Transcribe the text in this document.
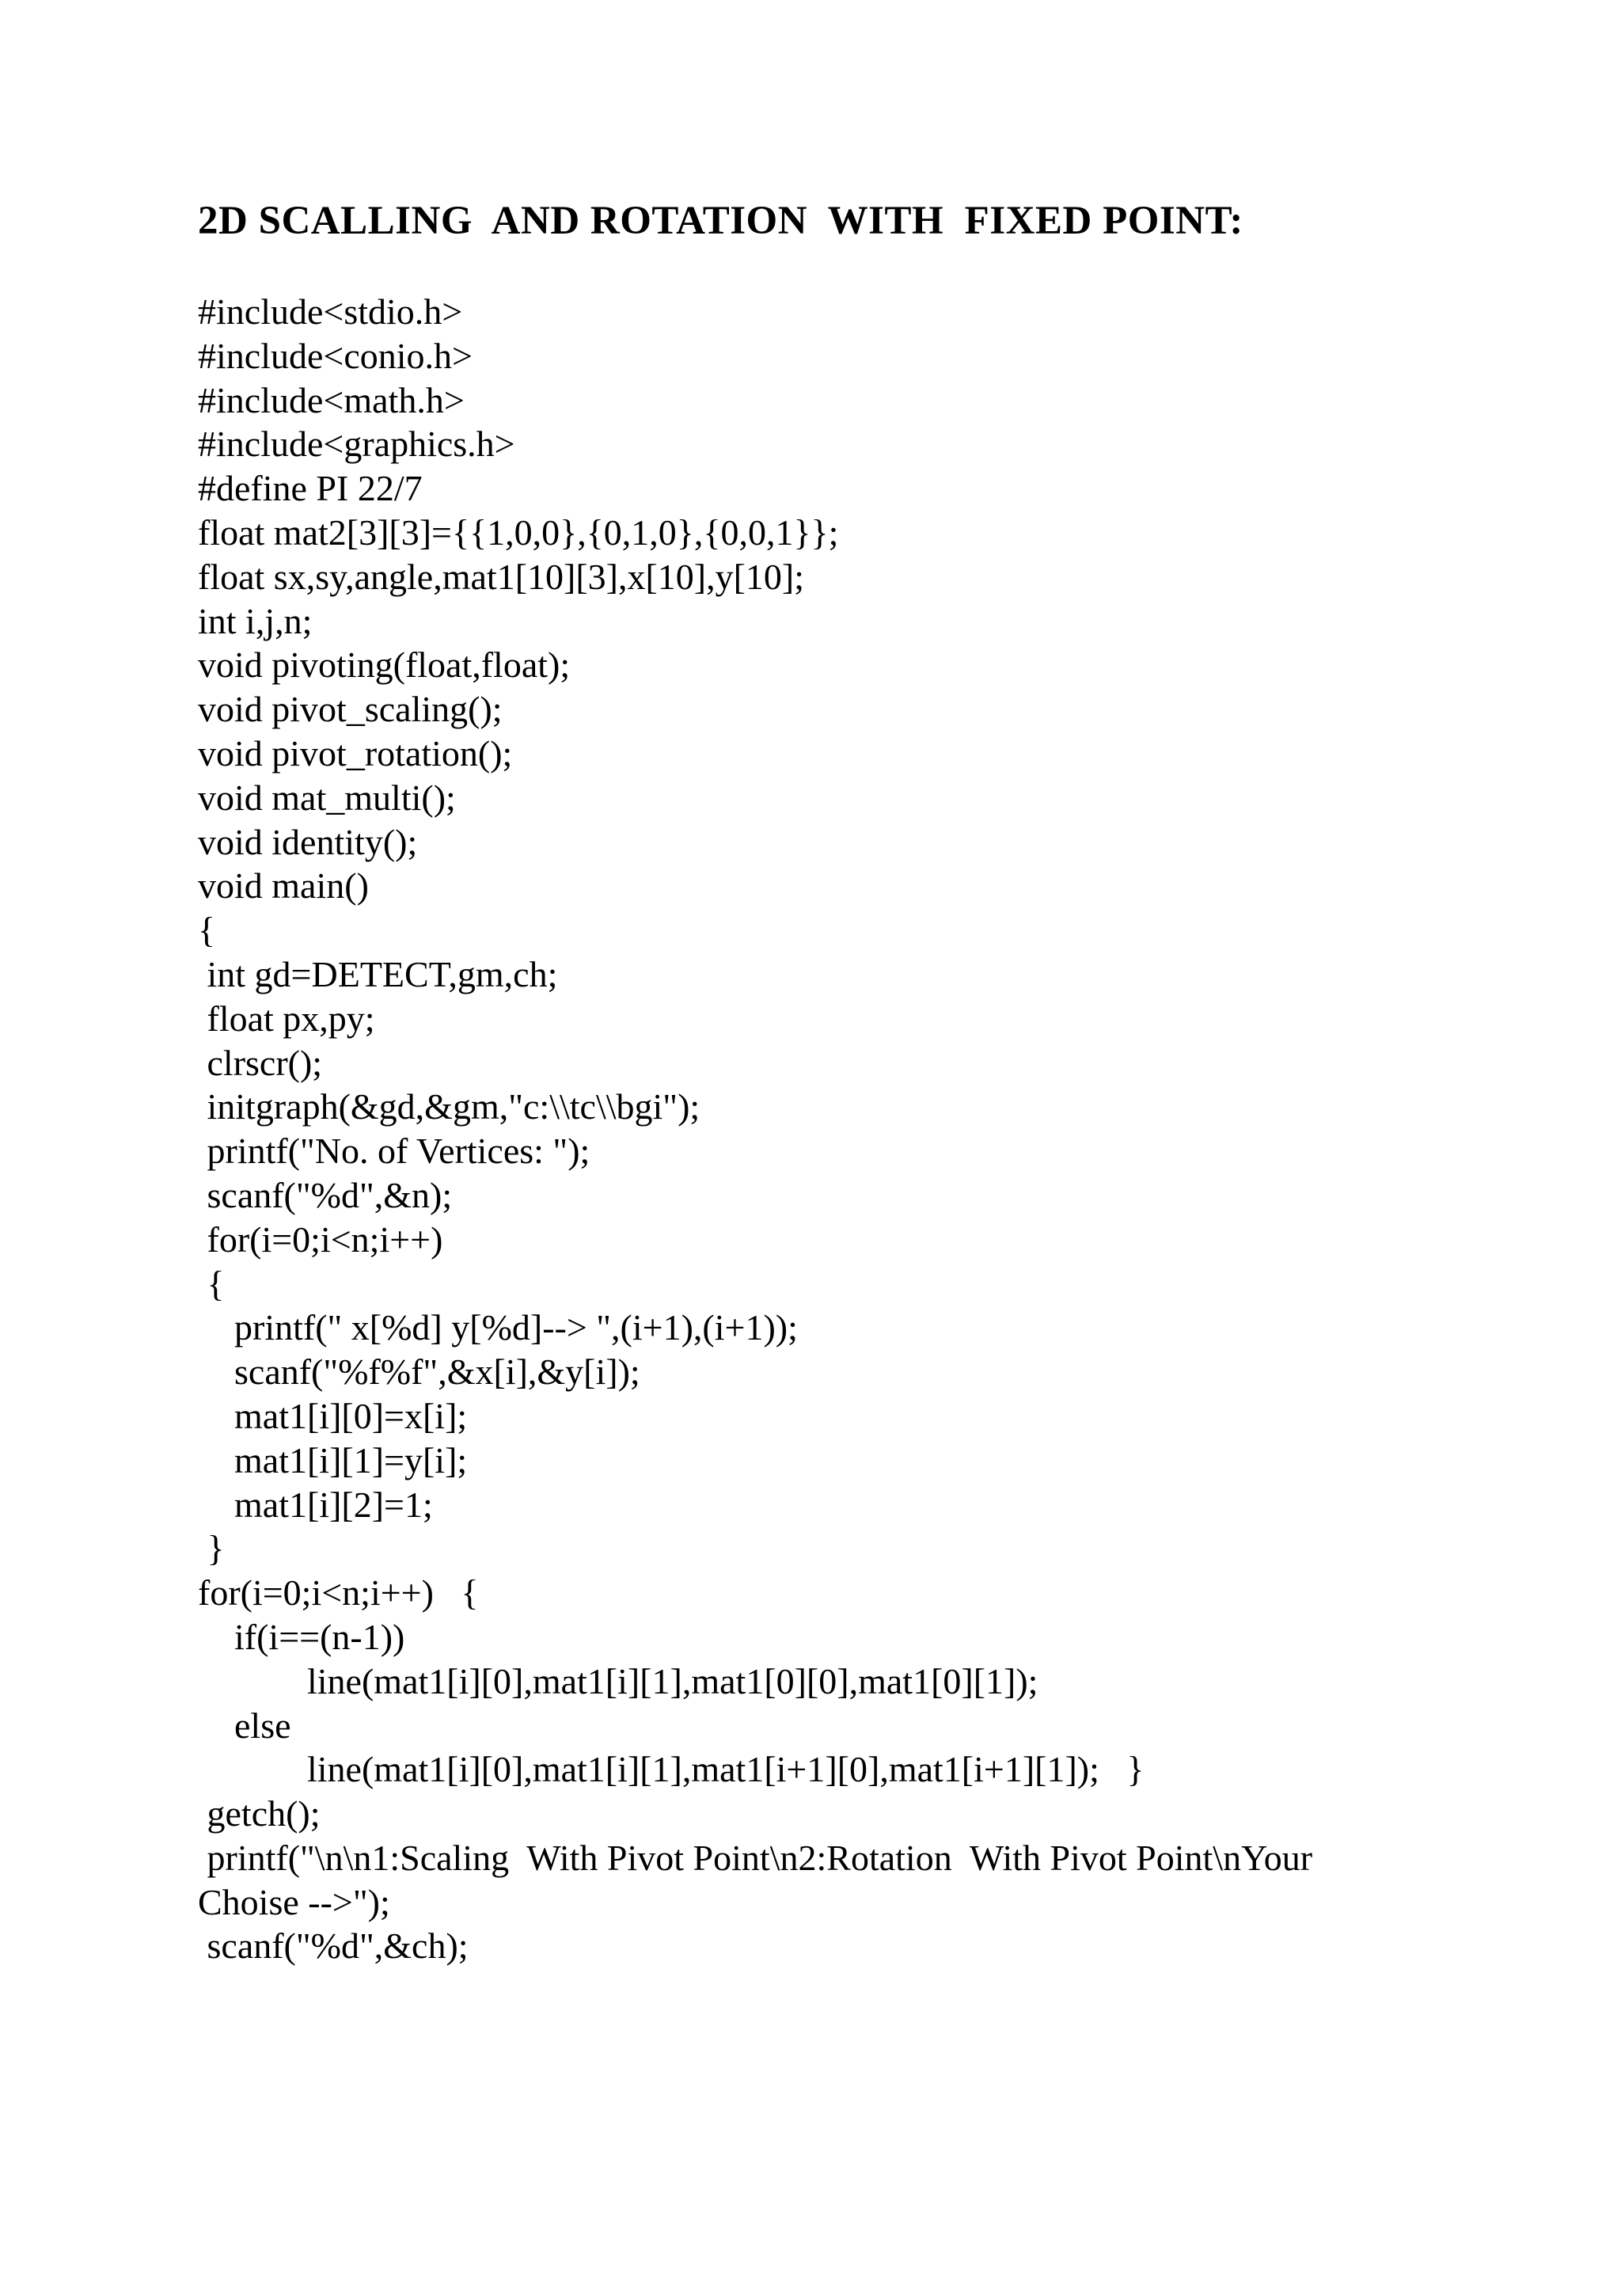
2D SCALLING  AND ROTATION  WITH  FIXED POINT:
#include<stdio.h>
#include<conio.h>
#include<math.h>
#include<graphics.h>
#define PI 22/7
float mat2[3][3]={{1,0,0},{0,1,0},{0,0,1}};
float sx,sy,angle,mat1[10][3],x[10],y[10];
int i,j,n;
void pivoting(float,float);
void pivot_scaling();
void pivot_rotation();
void mat_multi();
void identity();
void main()
{
int gd=DETECT,gm,ch;
float px,py;
clrscr();
initgraph(&gd,&gm,"c:\\tc\\bgi");
printf("No. of Vertices: ");
scanf("%d",&n);
for(i=0;i<n;i++)
{
printf(" x[%d] y[%d]--> ",(i+1),(i+1));
scanf("%f%f",&x[i],&y[i]);
mat1[i][0]=x[i];
mat1[i][1]=y[i];
mat1[i][2]=1;
}
for(i=0;i<n;i++)   {
if(i==(n-1))
line(mat1[i][0],mat1[i][1],mat1[0][0],mat1[0][1]);
else
line(mat1[i][0],mat1[i][1],mat1[i+1][0],mat1[i+1][1]);   }
getch();
printf("\n\n1:Scaling  With Pivot Point\n2:Rotation  With Pivot Point\nYour
Choise -->");
scanf("%d",&ch);
